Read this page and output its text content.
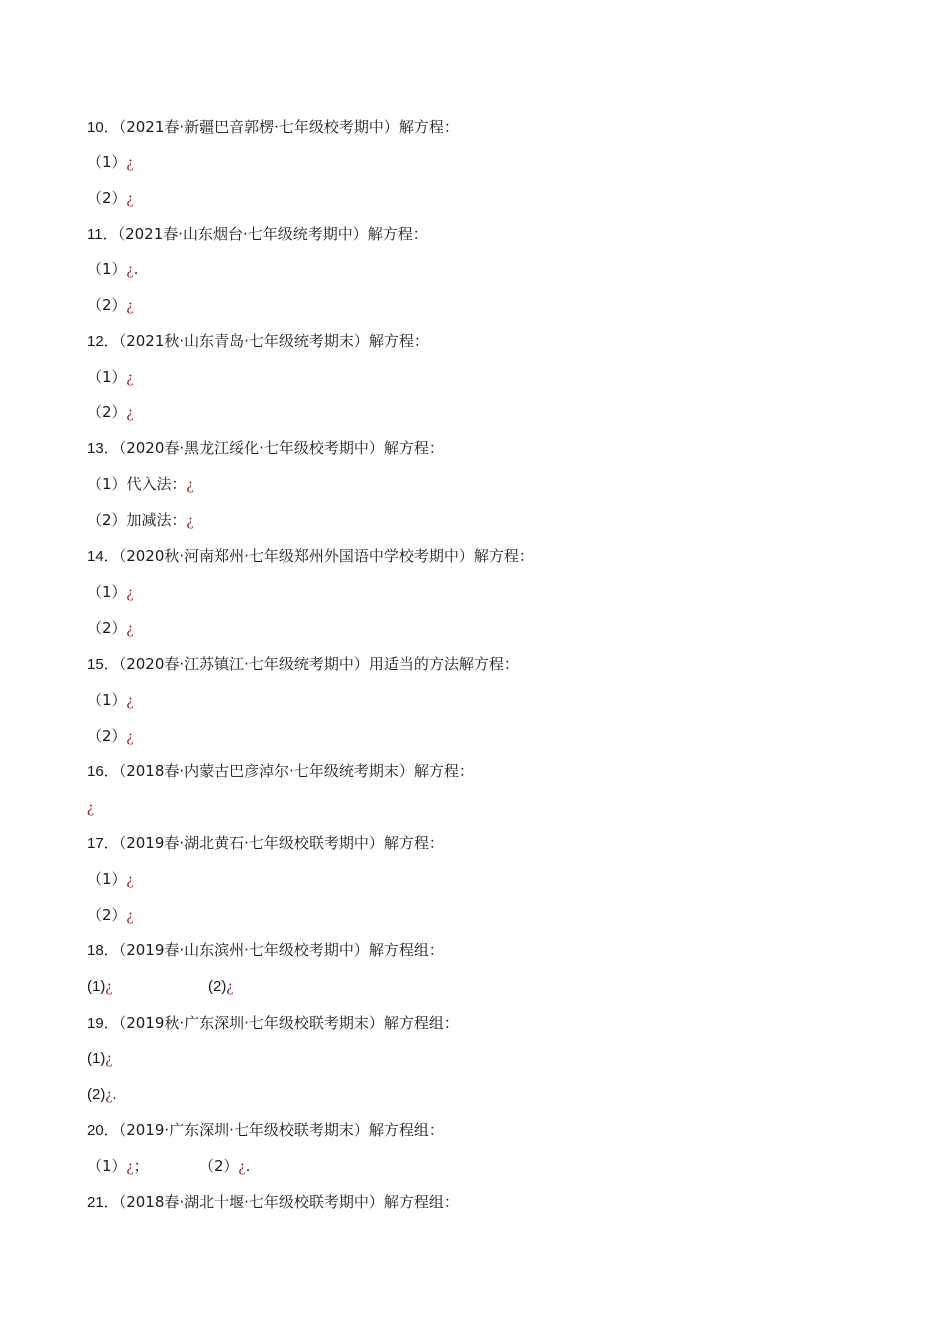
10．（2021春·新疆巴音郭楞·七年级校考期中）解方程：
（1）¿
（2）¿
11．（2021春·山东烟台·七年级统考期中）解方程：
（1）¿.
（2）¿
12．（2021秋·山东青岛·七年级统考期末）解方程：
（1）¿
（2）¿
13．（2020春·黑龙江绥化·七年级校考期中）解方程：
（1）代入法：¿
（2）加减法：¿
14．（2020秋·河南郑州·七年级郑州外国语中学校考期中）解方程：
（1）¿
（2）¿
15．（2020春·江苏镇江·七年级统考期中）用适当的方法解方程：
（1）¿
（2）¿
16．（2018春·内蒙古巴彦淖尔·七年级统考期末）解方程：
¿
17．（2019春·湖北黄石·七年级校联考期中）解方程：
（1）¿
（2）¿
18．（2019春·山东滨州·七年级校考期中）解方程组：
(1)¿	(2)¿
19．（2019秋·广东深圳·七年级校联考期末）解方程组：
(1)¿
(2)¿.
20．（2019·广东深圳·七年级校联考期末）解方程组：
（1）¿；	（2）¿.
21．（2018春·湖北十堰·七年级校联考期中）解方程组：
